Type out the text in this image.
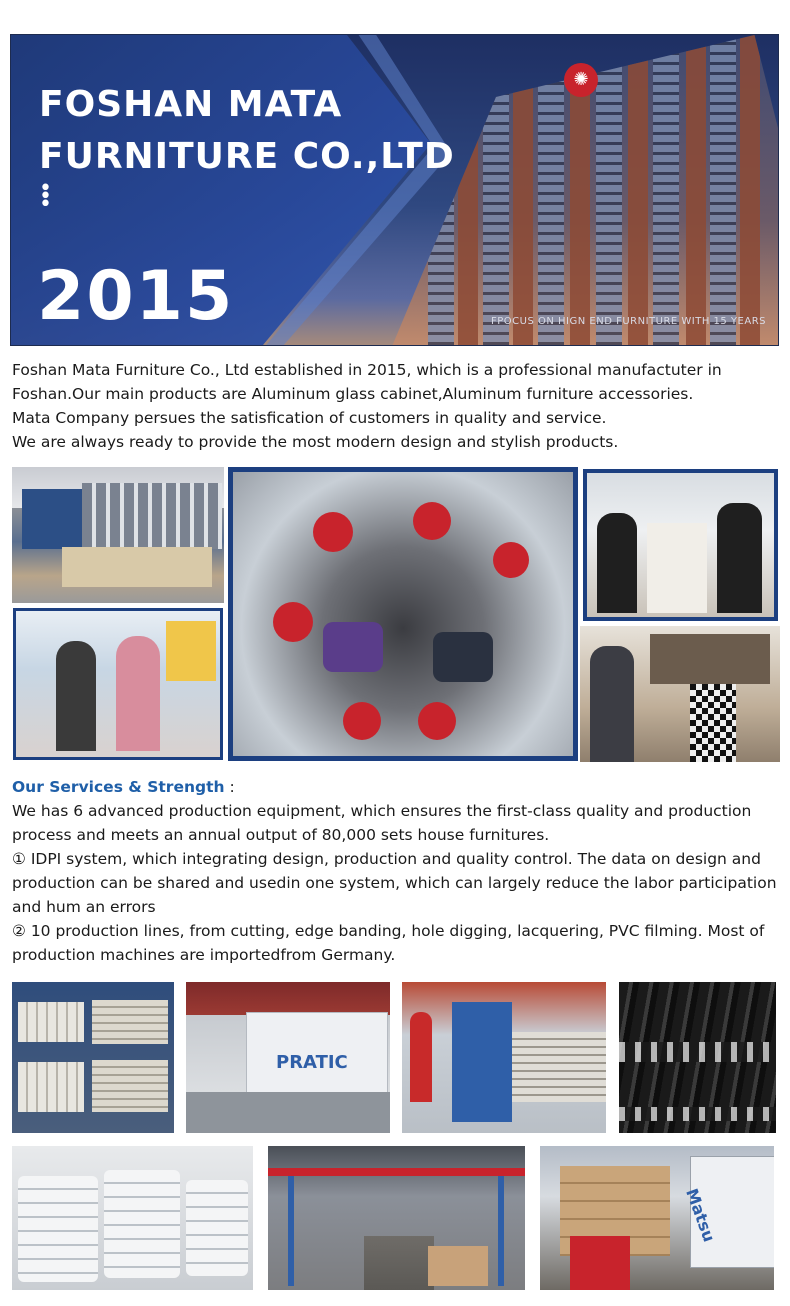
✺
FOSHAN MATA
FURNITURE CO.,LTD
•
•
•
2015	FPOCUS ON HIGN END FURNITURE WITH 15 YEARS

Foshan Mata Furniture Co., Ltd established in 2015, which is a professional manufactuter in Foshan.Our main products are Aluminum glass cabinet,Aluminum furniture accessories.

Mata Company persues the satisfication of customers in quality and service.

We are always ready to provide the most modern design and stylish products.

Our Services & Strength :

We has 6 advanced production equipment, which ensures the first-class quality and production process and meets an annual output of 80,000 sets house furnitures.

① IDPI system, which integrating design, production and quality control. The data on design and production can be shared and usedin one system, which can largely reduce the labor participation and hum an errors

② 10 production lines, from cutting, edge banding, hole digging, lacquering, PVC filming. Most of production machines are importedfrom Germany.

PRATIC
Matsu
